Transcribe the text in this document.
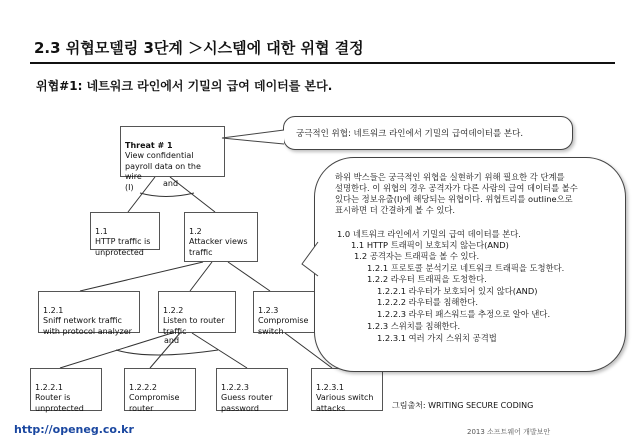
2.3 위협모델링 3단계 ＞시스템에 대한 위협 결정
위협#1: 네트워크 라인에서 기밀의 급여 데이터를 본다.
and
and

Threat # 1
View confidential
payroll data on the wire
(I)

1.1
HTTP traffic is
unprotected

1.2
Attacker views
traffic

1.2.1
Sniff network traffic
with protocol analyzer

1.2.2
Listen to router
traffic

1.2.3
Compromise
switch

1.2.2.1
Router is
unprotected

1.2.2.2
Compromise
router

1.2.2.3
Guess router
password

1.2.3.1
Various switch
attacks

궁극적인 위협: 네트워크 라인에서 기밀의 급여데이터를 본다.
하위 박스들은 궁극적인 위협을 실현하기 위해 필요한 각 단계를
설명한다. 이 위협의 경우 공격자가 다른 사람의 급여 데이터를 볼수
있다는 정보유출(I)에 해당되는 위협이다. 위협트리를 outline으로
표시하면 더 간결하게 볼 수 있다.
1.0 네트워크 라인에서 기밀의 급여 데이터를 본다.
1.1 HTTP 트래픽이 보호되지 않는다(AND)
1.2 공격자는 트래픽을 볼 수 있다.
1.2.1 프로토콜 분석기로 네트워크 트래픽을 도청한다.
1.2.2 라우터 트래픽을 도청한다.
1.2.2.1 라우터가 보호되어 있지 않다(AND)
1.2.2.2 라우터를 침해한다.
1.2.2.3 라우터 패스워드를 추정으로 알아 낸다.
1.2.3 스위치를 침해한다.
1.2.3.1 여러 가지 스위치 공격법
그림출처: WRITING SECURE CODING
http://openeg.co.kr	2013 소프트웨어 개발보안
